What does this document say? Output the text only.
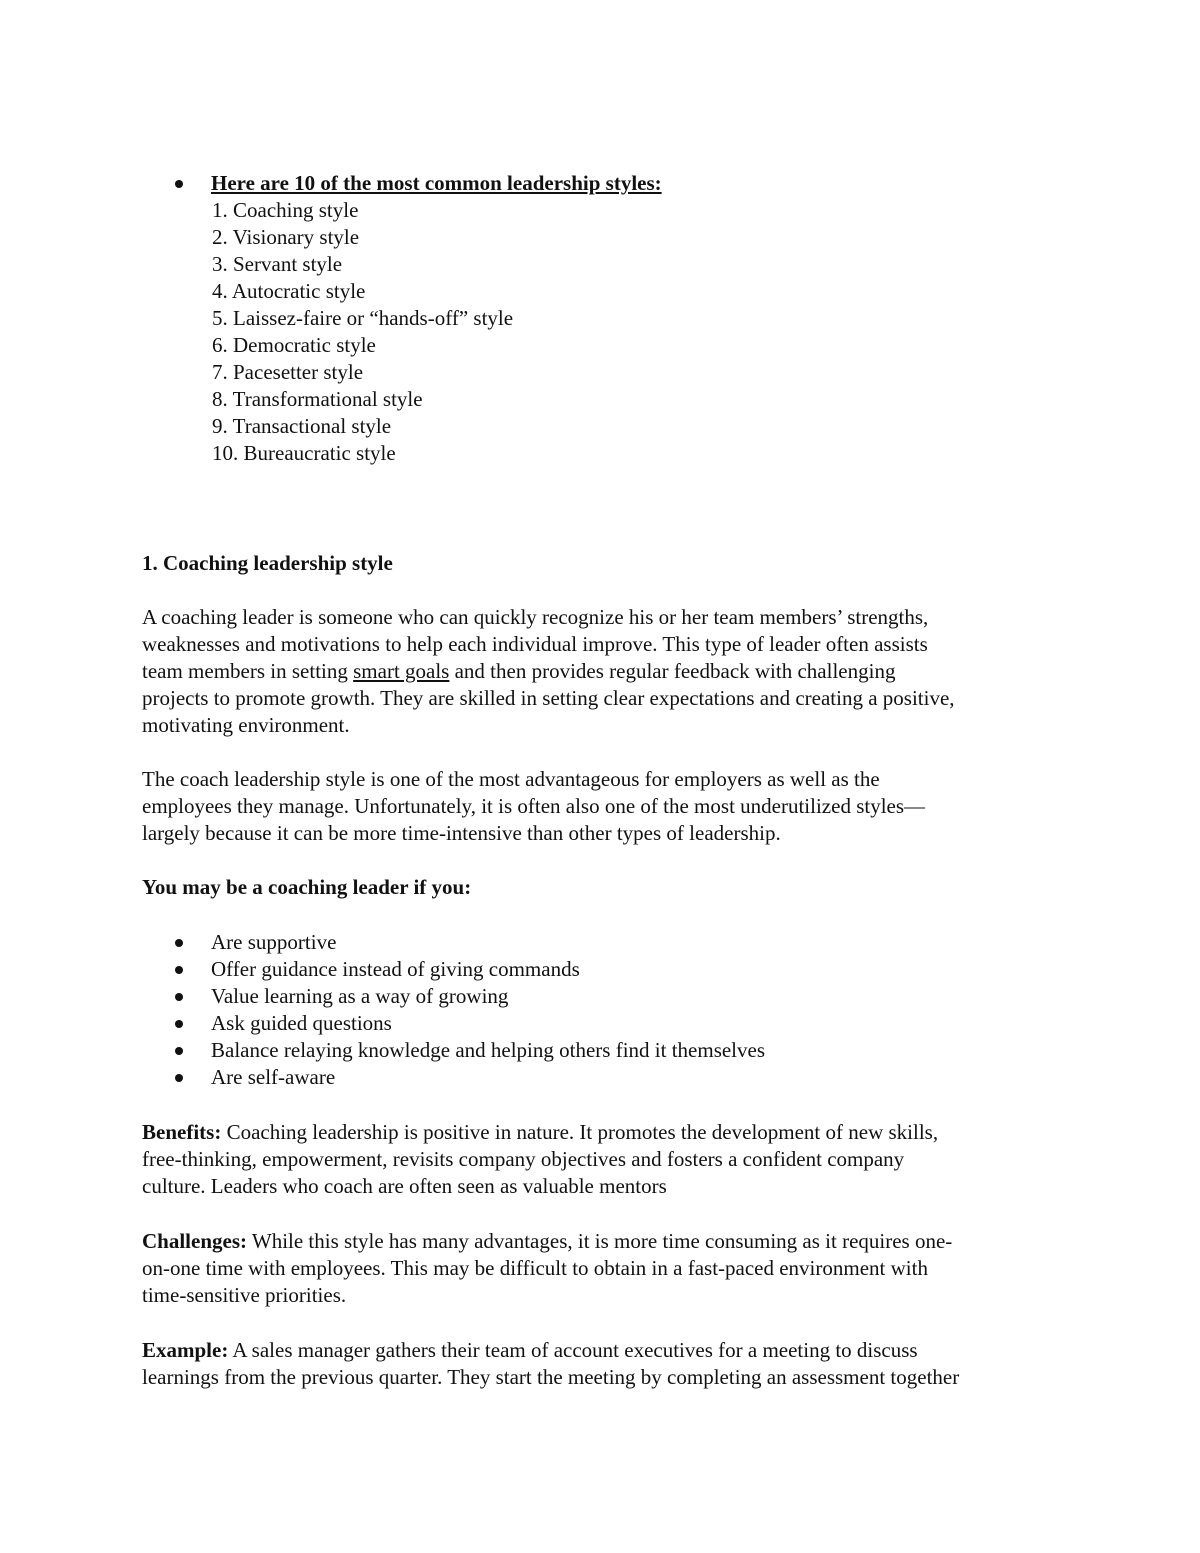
Here are 10 of the most common leadership styles:
1. Coaching style
2. Visionary style
3. Servant style
4. Autocratic style
5. Laissez-faire or “hands-off” style
6. Democratic style
7. Pacesetter style
8. Transformational style
9. Transactional style
10. Bureaucratic style
1. Coaching leadership style
A coaching leader is someone who can quickly recognize his or her team members’ strengths,
weaknesses and motivations to help each individual improve. This type of leader often assists
team members in setting smart goals and then provides regular feedback with challenging
projects to promote growth. They are skilled in setting clear expectations and creating a positive,
motivating environment.
The coach leadership style is one of the most advantageous for employers as well as the
employees they manage. Unfortunately, it is often also one of the most underutilized styles—
largely because it can be more time-intensive than other types of leadership.
You may be a coaching leader if you:
Are supportive
Offer guidance instead of giving commands
Value learning as a way of growing
Ask guided questions
Balance relaying knowledge and helping others find it themselves
Are self-aware
Benefits: Coaching leadership is positive in nature. It promotes the development of new skills,
free-thinking, empowerment, revisits company objectives and fosters a confident company
culture. Leaders who coach are often seen as valuable mentors
Challenges: While this style has many advantages, it is more time consuming as it requires one-
on-one time with employees. This may be difficult to obtain in a fast-paced environment with
time-sensitive priorities.
Example: A sales manager gathers their team of account executives for a meeting to discuss
learnings from the previous quarter. They start the meeting by completing an assessment together
